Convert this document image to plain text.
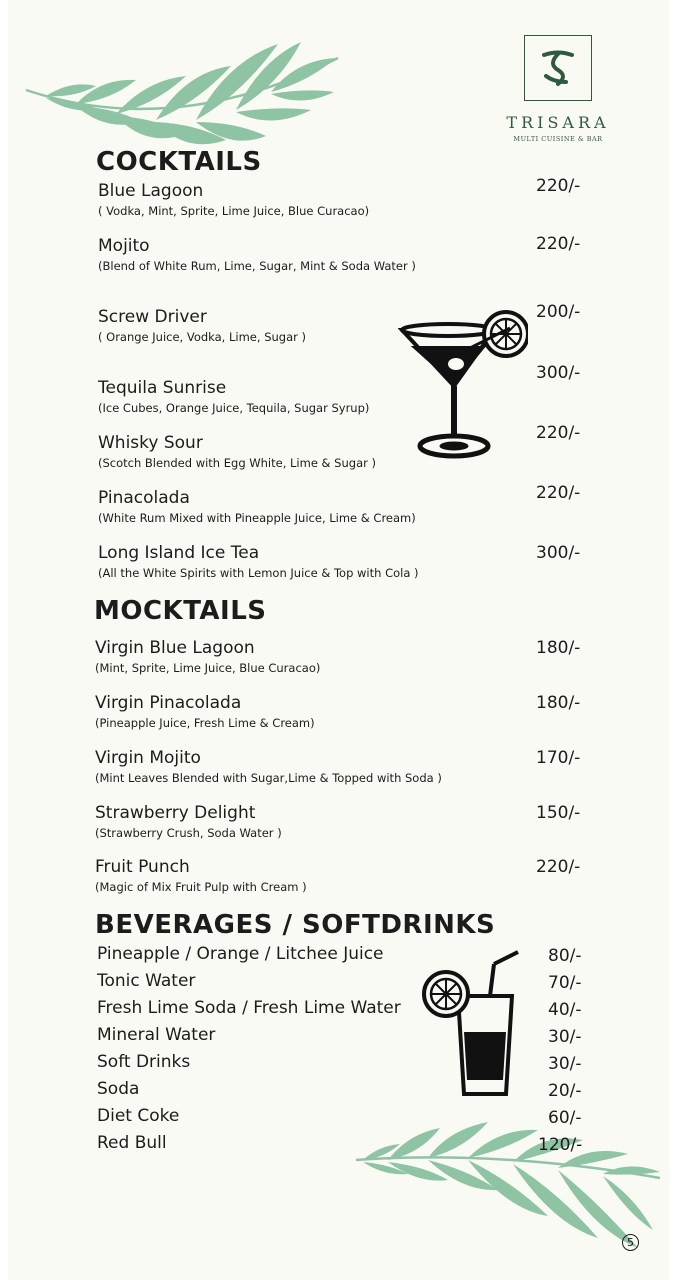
TRISARA
MULTI CUISINE & BAR
COCKTAILS
Blue Lagoon
( Vodka, Mint, Sprite, Lime Juice, Blue Curacao)
220/-
Mojito
(Blend of White Rum, Lime, Sugar, Mint & Soda Water )
220/-
Screw Driver
( Orange Juice, Vodka, Lime, Sugar )
200/-
Tequila Sunrise
(Ice Cubes, Orange Juice, Tequila, Sugar Syrup)
300/-
Whisky Sour
(Scotch Blended with Egg White, Lime & Sugar )
220/-
Pinacolada
(White Rum Mixed with Pineapple Juice, Lime & Cream)
220/-
Long Island Ice Tea
(All the White Spirits with Lemon Juice & Top with Cola )
300/-
MOCKTAILS
Virgin Blue Lagoon
(Mint, Sprite, Lime Juice, Blue Curacao)
180/-
Virgin Pinacolada
(Pineapple Juice, Fresh Lime & Cream)
180/-
Virgin Mojito
(Mint Leaves Blended with Sugar,Lime & Topped with Soda )
170/-
Strawberry Delight
(Strawberry Crush, Soda Water )
150/-
Fruit Punch
(Magic of Mix Fruit Pulp with Cream )
220/-
BEVERAGES / SOFTDRINKS
Pineapple / Orange / Litchee Juice	80/-
Tonic Water	70/-
Fresh Lime Soda / Fresh Lime Water	40/-
Mineral Water	30/-
Soft Drinks	30/-
Soda	20/-
Diet Coke	60/-
Red Bull	120/-
5
